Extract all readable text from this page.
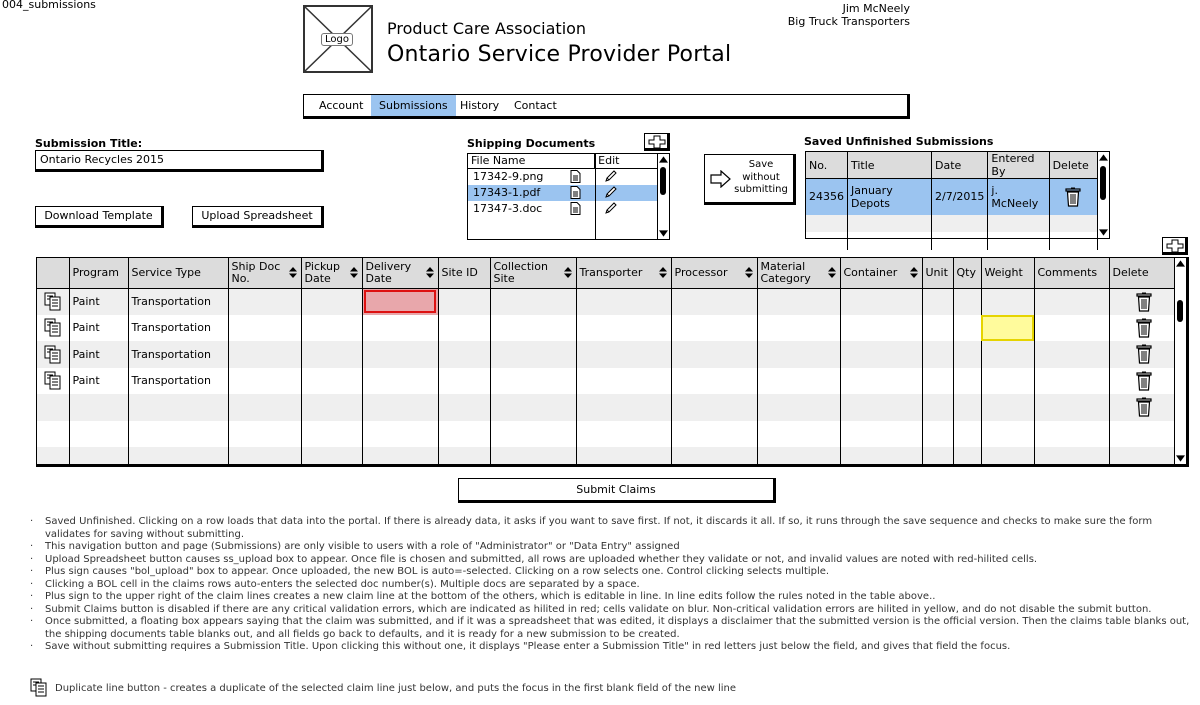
004_submissions
Logo
Product Care Association
Ontario Service Provider Portal
Jim McNeely
Big Truck Transporters
Account	Submissions	History	Contact
Submission Title:
Ontario Recycles 2015
Download Template	Upload Spreadsheet
Shipping Documents
File Name	Edit
17342-9.png
17343-1.pdf
17347-3.doc
Save without submitting
Saved Unfinished Submissions
No.	Title	Date	Entered By	Delete
24356	January Depots	2/7/2015	j. McNeely	

	Program	Service Type	Ship Doc No.	Pickup Date	Delivery Date	Site ID	Collection Site	Transporter	Processor	Material Category	Container	Unit	Qty	Weight	Comments	Delete
	Paint	Transportation														
	Paint	Transportation														
	Paint	Transportation														
	Paint	Transportation														

Submit Claims
· Saved Unfinished. Clicking on a row loads that data into the portal. If there is already data, it asks if you want to save first. If not, it discards it all. If so, it runs through the save sequence and checks to make sure the form validates for saving without submitting.
· This navigation button and page (Submissions) are only visible to users with a role of "Administrator" or "Data Entry" assigned
· Upload Spreadsheet button causes ss_upload box to appear. Once file is chosen and submitted, all rows are uploaded whether they validate or not, and invalid values are noted with red-hilited cells.
· Plus sign causes "bol_upload" box to appear. Once uploaded, the new BOL is auto=-selected. Clicking on a row selects one. Control clicking selects multiple.
· Clicking a BOL cell in the claims rows auto-enters the selected doc number(s). Multiple docs are separated by a space.
· Plus sign to the upper right of the claim lines creates a new claim line at the bottom of the others, which is editable in line. In line edits follow the rules noted in the table above..
· Submit Claims button is disabled if there are any critical validation errors, which are indicated as hilited in red; cells validate on blur. Non-critical validation errors are hilited in yellow, and do not disable the submit button.
· Once submitted, a floating box appears saying that the claim was submitted, and if it was a spreadsheet that was edited, it displays a disclaimer that the submitted version is the official version. Then the claims table blanks out, the shipping documents table blanks out, and all fields go back to defaults, and it is ready for a new submission to be created.
· Save without submitting requires a Submission Title. Upon clicking this without one, it displays "Please enter a Submission Title" in red letters just below the field, and gives that field the focus.
Duplicate line button - creates a duplicate of the selected claim line just below, and puts the focus in the first blank field of the new line
